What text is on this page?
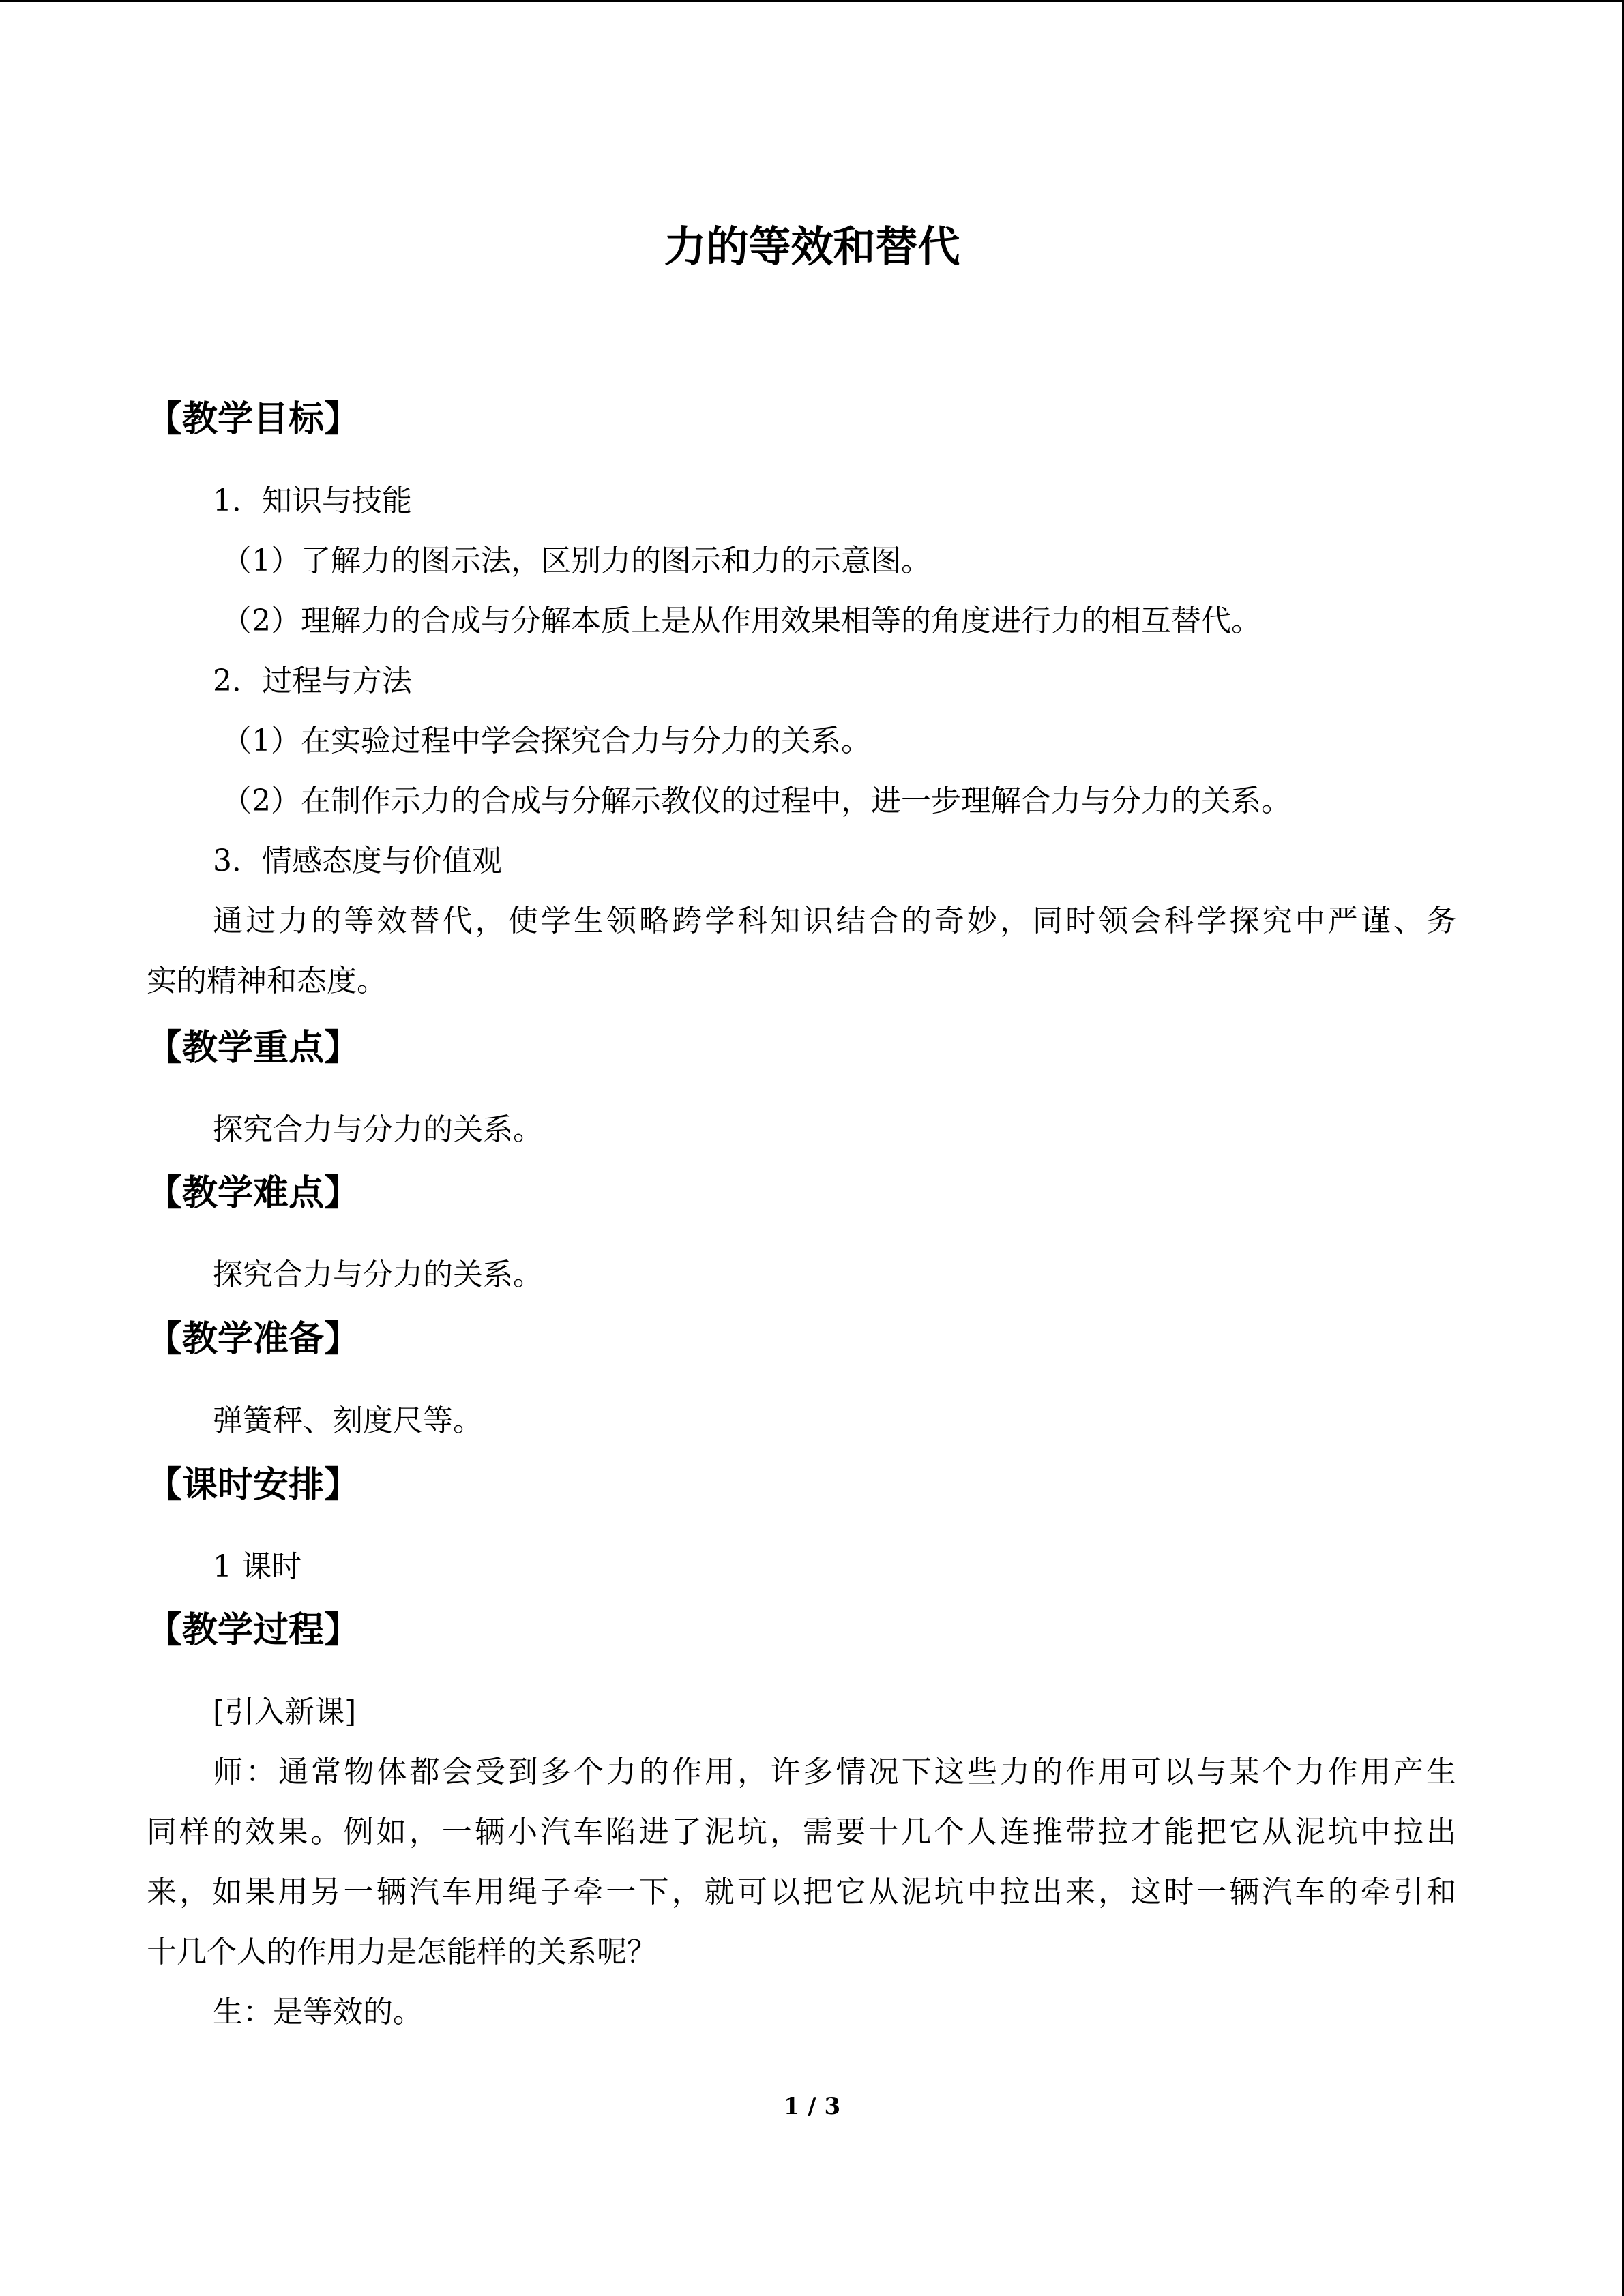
力的等效和替代
【教学目标】
1．知识与技能
（1）了解力的图示法，区别力的图示和力的示意图。
（2）理解力的合成与分解本质上是从作用效果相等的角度进行力的相互替代。
2．过程与方法
（1）在实验过程中学会探究合力与分力的关系。
（2）在制作示力的合成与分解示教仪的过程中，进一步理解合力与分力的关系。
3．情感态度与价值观
通过力的等效替代，使学生领略跨学科知识结合的奇妙，同时领会科学探究中严谨、务
实的精神和态度。
【教学重点】
探究合力与分力的关系。
【教学难点】
探究合力与分力的关系。
【教学准备】
弹簧秤、刻度尺等。
【课时安排】
1 课时
【教学过程】
[引入新课]
师：通常物体都会受到多个力的作用，许多情况下这些力的作用可以与某个力作用产生
同样的效果。例如，一辆小汽车陷进了泥坑，需要十几个人连推带拉才能把它从泥坑中拉出
来，如果用另一辆汽车用绳子牵一下，就可以把它从泥坑中拉出来，这时一辆汽车的牵引和
十几个人的作用力是怎能样的关系呢？
生：是等效的。
1 / 3
